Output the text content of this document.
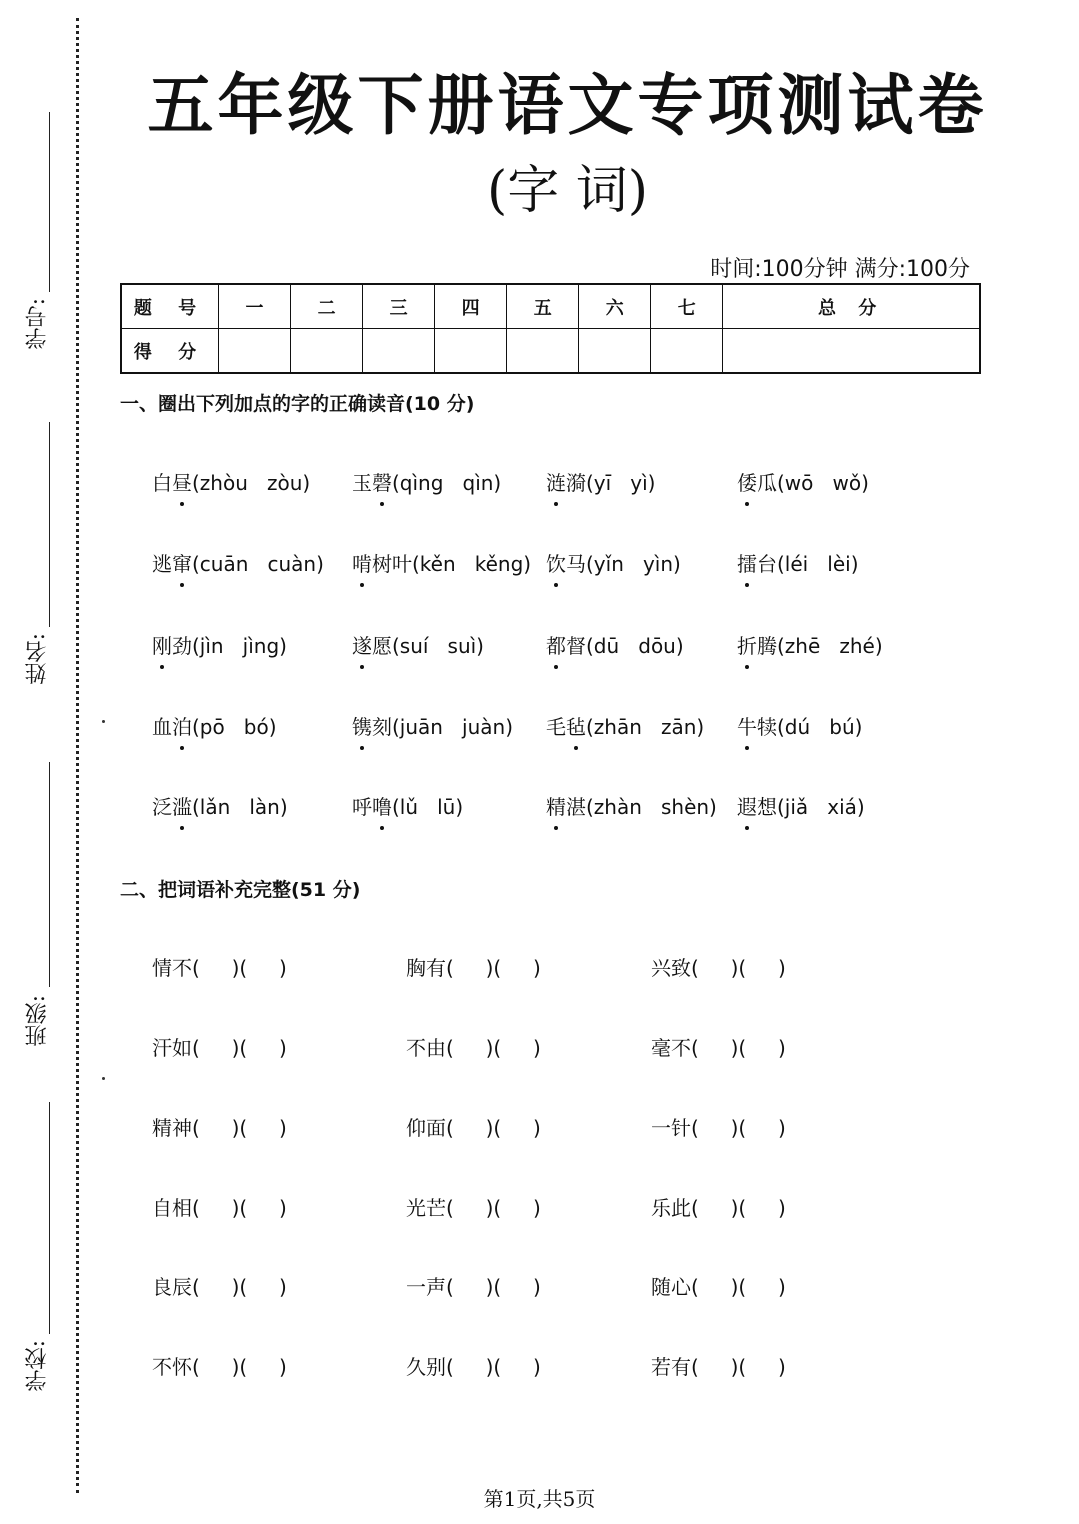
学号:
姓名:
班级:
学校:
五年级下册语文专项测试卷
(字 词)
时间:100分钟 满分:100分
题 号	一	二	三	四	五	六	七	总 分
得 分								
一、圈出下列加点的字的正确读音(10 分)
白昼(zhòu   zòu) 玉磬(qìng   qìn) 涟漪(yī   yì)	倭瓜(wō   wǒ)
逃窜(cuān   cuàn) 啃树叶(kěn   kěng) 饮马(yǐn   yìn)	擂台(léi   lèi)
刚劲(jìn   jìng)	遂愿(suí   suì)	都督(dū   dōu)	折腾(zhē   zhé)
血泊(pō   bó)	镌刻(juān   juàn) 毛毡(zhān   zān) 牛犊(dú   bú)
泛滥(lǎn   làn)	呼噜(lǔ   lū)	精湛(zhàn   shèn) 遐想(jiǎ   xiá)
二、把词语补充完整(51 分)
情不(     )(     )	胸有(     )(     )	兴致(     )(     )
汗如(     )(     )	不由(     )(     )	毫不(     )(     )
精神(     )(     )	仰面(     )(     )	一针(     )(     )
自相(     )(     )	光芒(     )(     )	乐此(     )(     )
良辰(     )(     )	一声(     )(     )	随心(     )(     )
不怀(     )(     )	久别(     )(     )	若有(     )(     )
第1页,共5页
